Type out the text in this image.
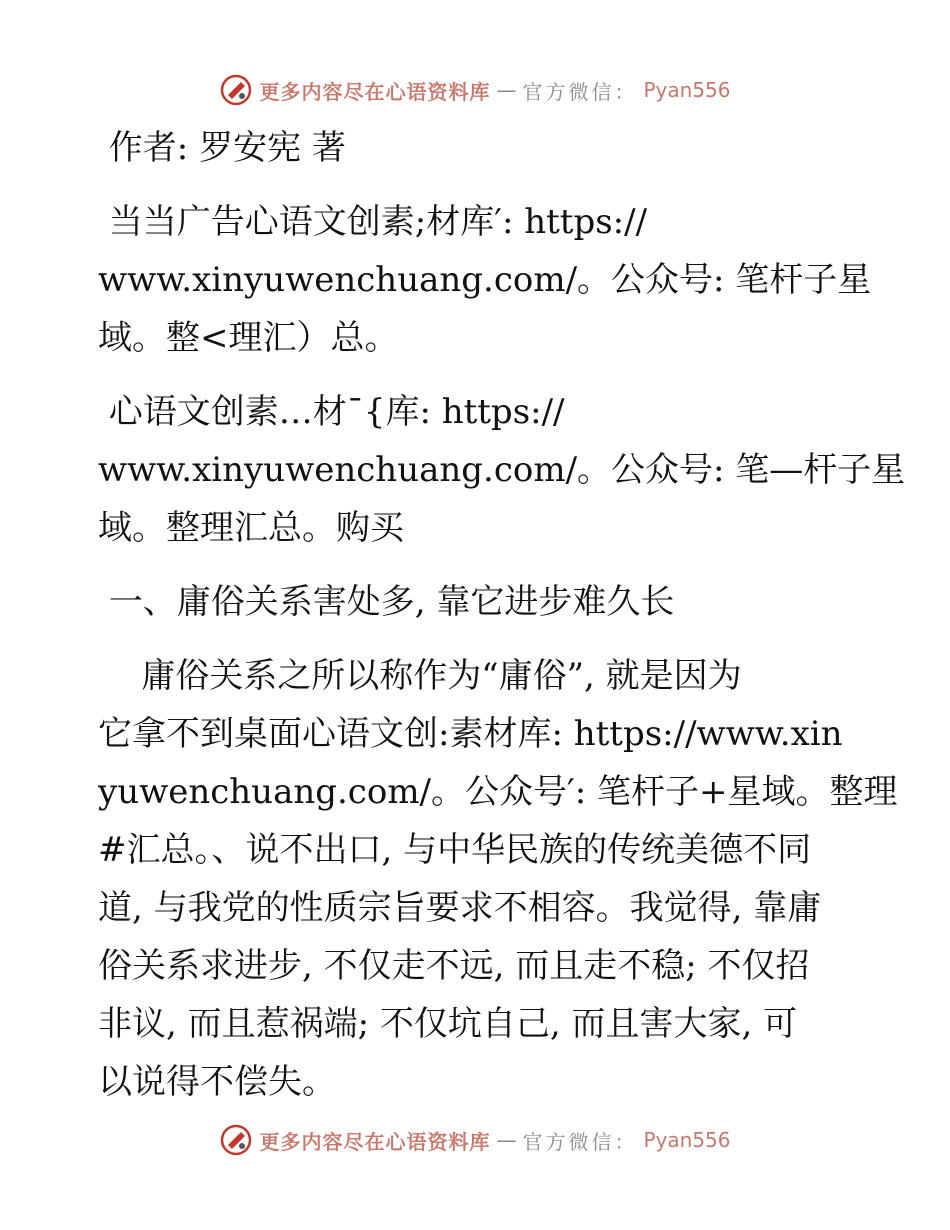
更多内容尽在心语资料库 — 官方微信： Pyan556
作者: 罗安宪 著
当当广告心语文创素;材库′: https://
www.xinyuwenchuang.com/。公众号: 笔杆子星
域。整<理汇）总。
心语文创素…材¯{库: https://
www.xinyuwenchuang.com/。公众号: 笔—杆子星
域。整理汇总。购买
一、庸俗关系害处多, 靠它进步难久长
庸俗关系之所以称作为“庸俗”, 就是因为
它拿不到桌面心语文创:素材库: https://www.xin
yuwenchuang.com/。公众号′: 笔杆子+星域。整理
#汇总。、说不出口, 与中华民族的传统美德不同
道, 与我党的性质宗旨要求不相容。我觉得, 靠庸
俗关系求进步, 不仅走不远, 而且走不稳; 不仅招
非议, 而且惹祸端; 不仅坑自己, 而且害大家, 可
以说得不偿失。
更多内容尽在心语资料库 — 官方微信： Pyan556
